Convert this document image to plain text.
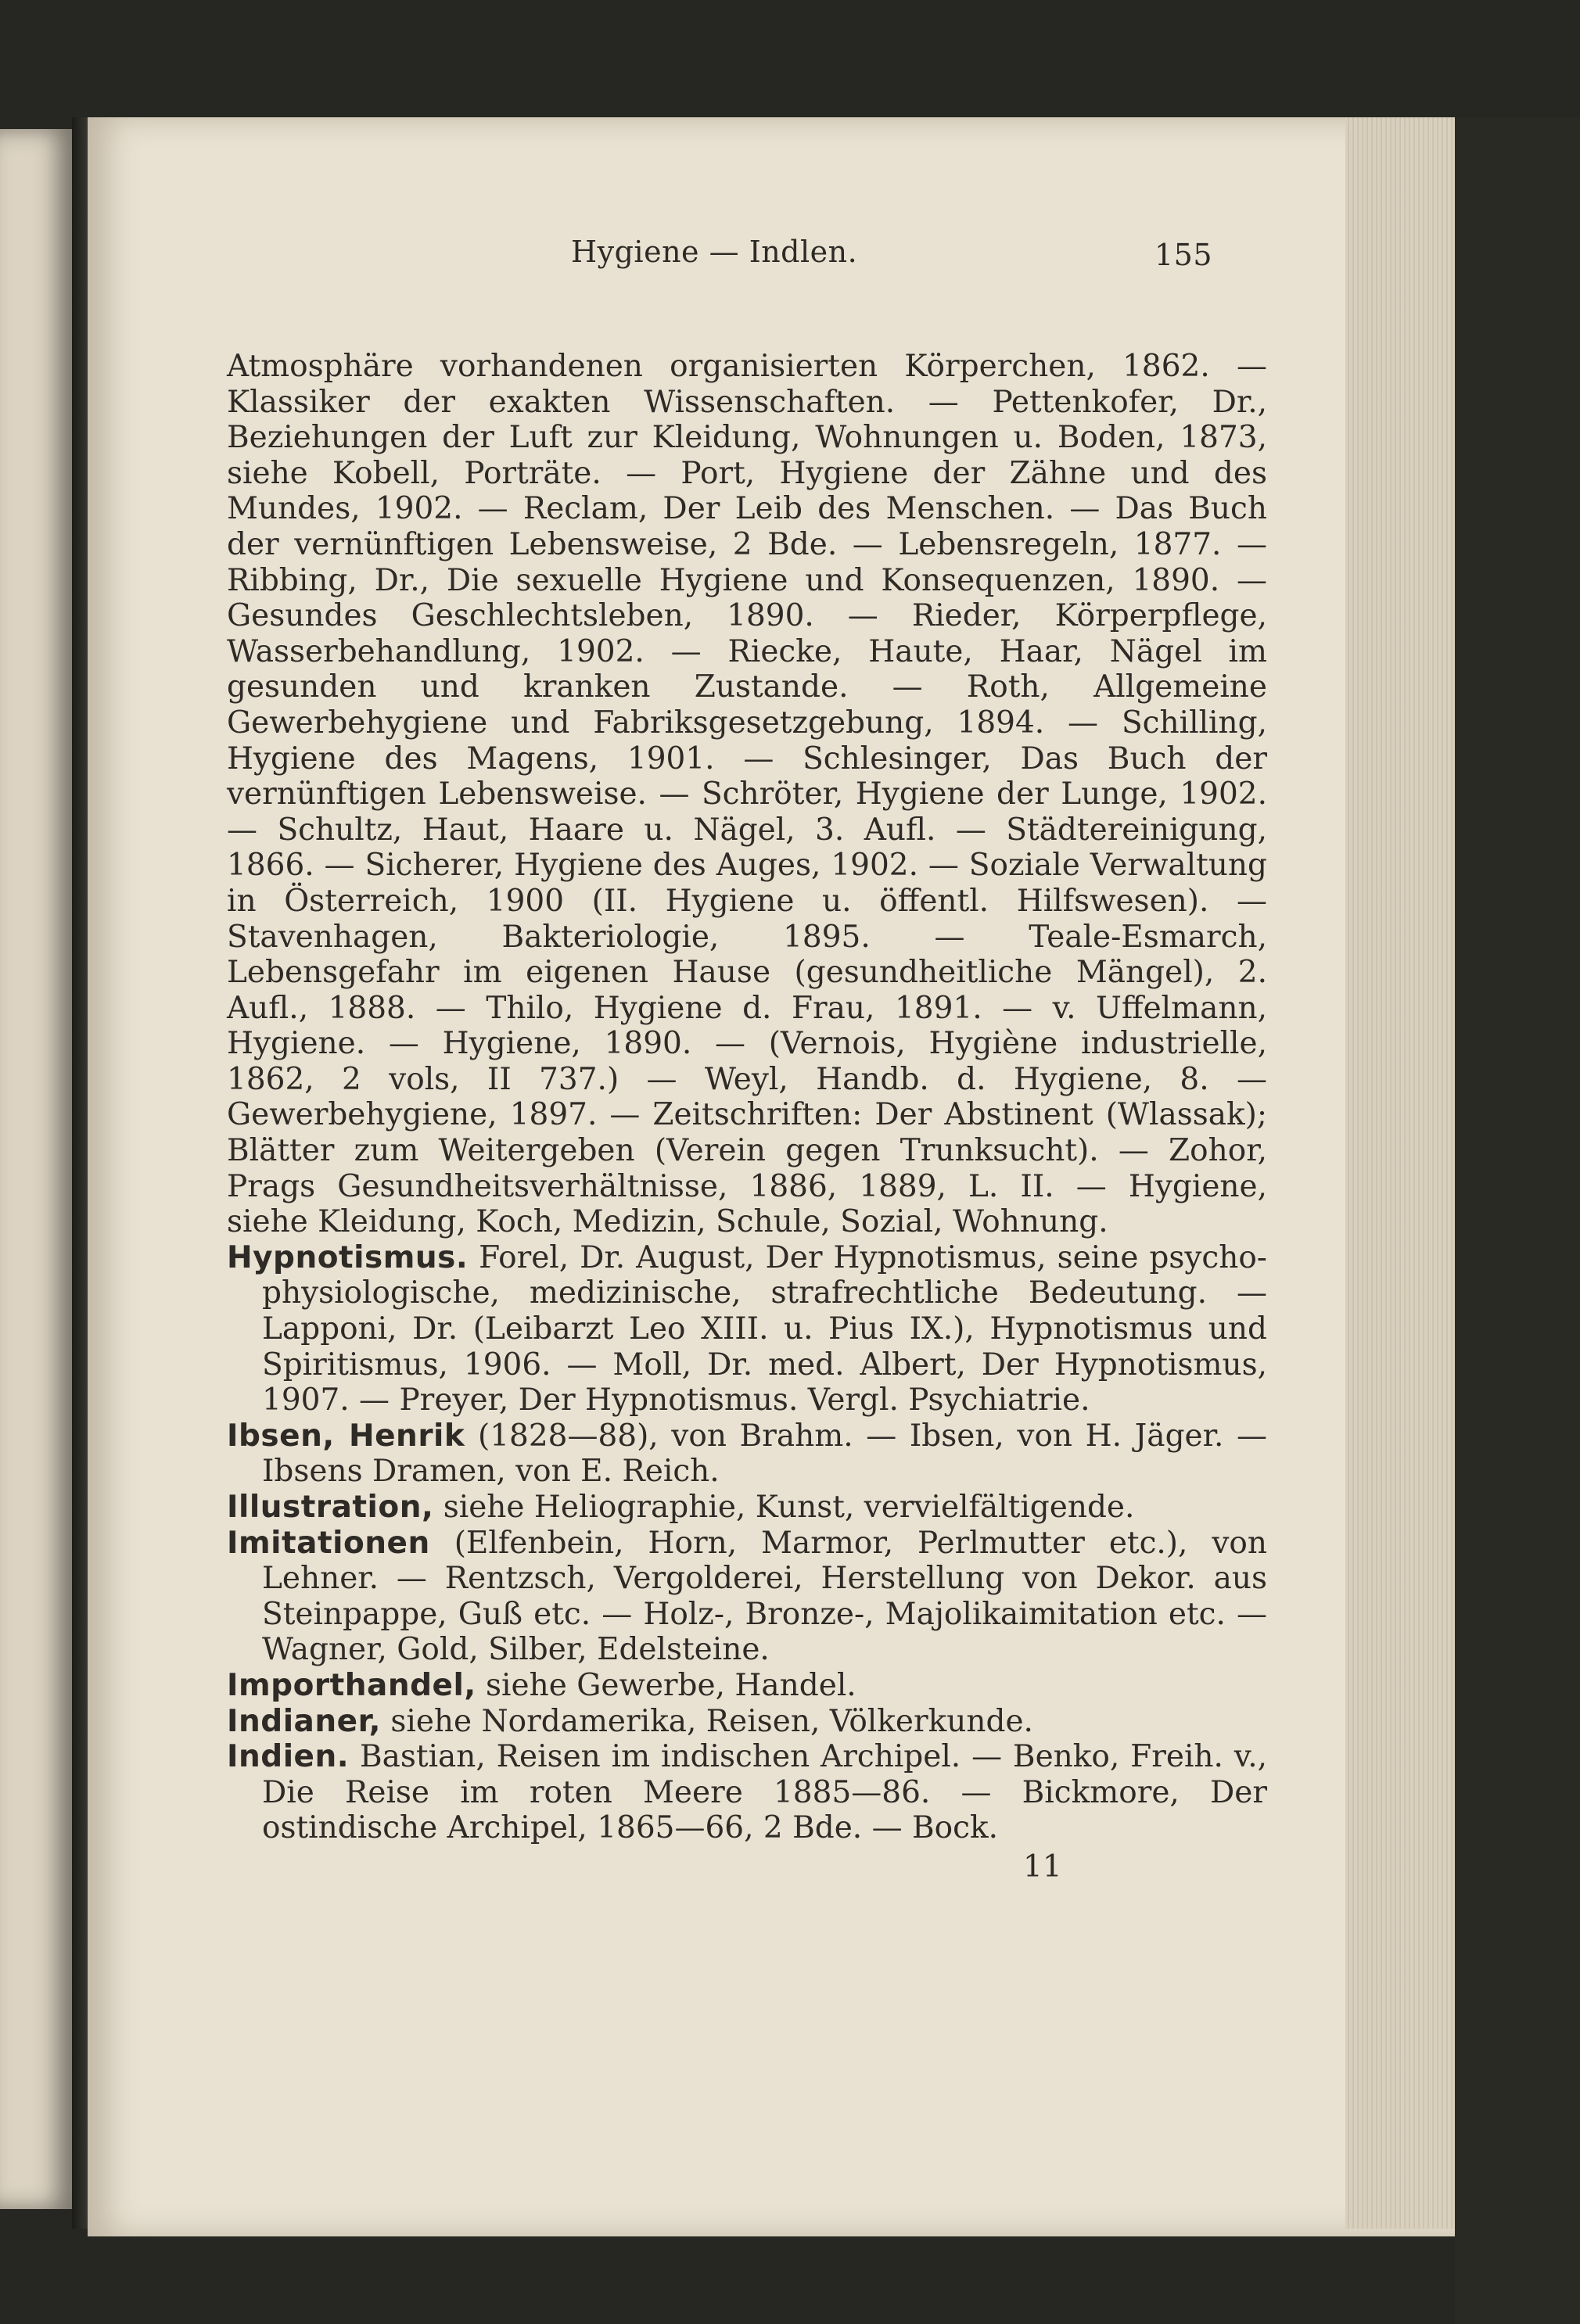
Hygiene — Indlen.	155

Atmosphäre vorhandenen organisierten Körperchen, 1862. — Klassiker der exakten Wissenschaften. — Pettenkofer, Dr., Beziehungen der Luft zur Kleidung, Wohnungen u. Boden, 1873, siehe Kobell, Porträte. — Port, Hygiene der Zähne und des Mundes, 1902. — Reclam, Der Leib des Menschen. — Das Buch der vernünftigen Lebensweise, 2 Bde. — Lebensregeln, 1877. — Ribbing, Dr., Die sexuelle Hygiene und Konsequenzen, 1890. — Gesundes Geschlechtsleben, 1890. — Rieder, Körperpflege, Wasserbehandlung, 1902. — Riecke, Haute, Haar, Nägel im gesunden und kranken Zustande. — Roth, Allgemeine Gewerbehygiene und Fabriksgesetzgebung, 1894. — Schilling, Hygiene des Magens, 1901. — Schlesinger, Das Buch der vernünftigen Lebensweise. — Schröter, Hygiene der Lunge, 1902. — Schultz, Haut, Haare u. Nägel, 3. Aufl. — Städtereinigung, 1866. — Sicherer, Hygiene des Auges, 1902. — Soziale Verwaltung in Österreich, 1900 (II. Hygiene u. öffentl. Hilfswesen). — Stavenhagen, Bakteriologie, 1895. — Teale-Esmarch, Lebensgefahr im eigenen Hause (gesundheitliche Mängel), 2. Aufl., 1888. — Thilo, Hygiene d. Frau, 1891. — v. Uffelmann, Hygiene. — Hygiene, 1890. — (Vernois, Hygiène industrielle, 1862, 2 vols, II 737.) — Weyl, Handb. d. Hygiene, 8. — Gewerbehygiene, 1897. — Zeitschriften: Der Abstinent (Wlassak); Blätter zum Weitergeben (Verein gegen Trunksucht). — Zohor, Prags Gesundheitsverhältnisse, 1886, 1889, L. II. — Hygiene, siehe Kleidung, Koch, Medizin, Schule, Sozial, Wohnung.

Hypnotismus. Forel, Dr. August, Der Hypnotismus, seine psycho-physiologische, medizinische, strafrechtliche Bedeutung. — Lapponi, Dr. (Leibarzt Leo XIII. u. Pius IX.), Hypnotismus und Spiritismus, 1906. — Moll, Dr. med. Albert, Der Hypnotismus, 1907. — Preyer, Der Hypnotismus. Vergl. Psychiatrie.

Ibsen, Henrik (1828—88), von Brahm. — Ibsen, von H. Jäger. — Ibsens Dramen, von E. Reich.

Illustration, siehe Heliographie, Kunst, vervielfältigende.

Imitationen (Elfenbein, Horn, Marmor, Perlmutter etc.), von Lehner. — Rentzsch, Vergolderei, Herstellung von Dekor. aus Steinpappe, Guß etc. — Holz-, Bronze-, Majolikaimitation etc. — Wagner, Gold, Silber, Edelsteine.

Importhandel, siehe Gewerbe, Handel.

Indianer, siehe Nordamerika, Reisen, Völkerkunde.

Indien. Bastian, Reisen im indischen Archipel. — Benko, Freih. v., Die Reise im roten Meere 1885—86. — Bickmore, Der ostindische Archipel, 1865—66, 2 Bde. — Bock.

11
